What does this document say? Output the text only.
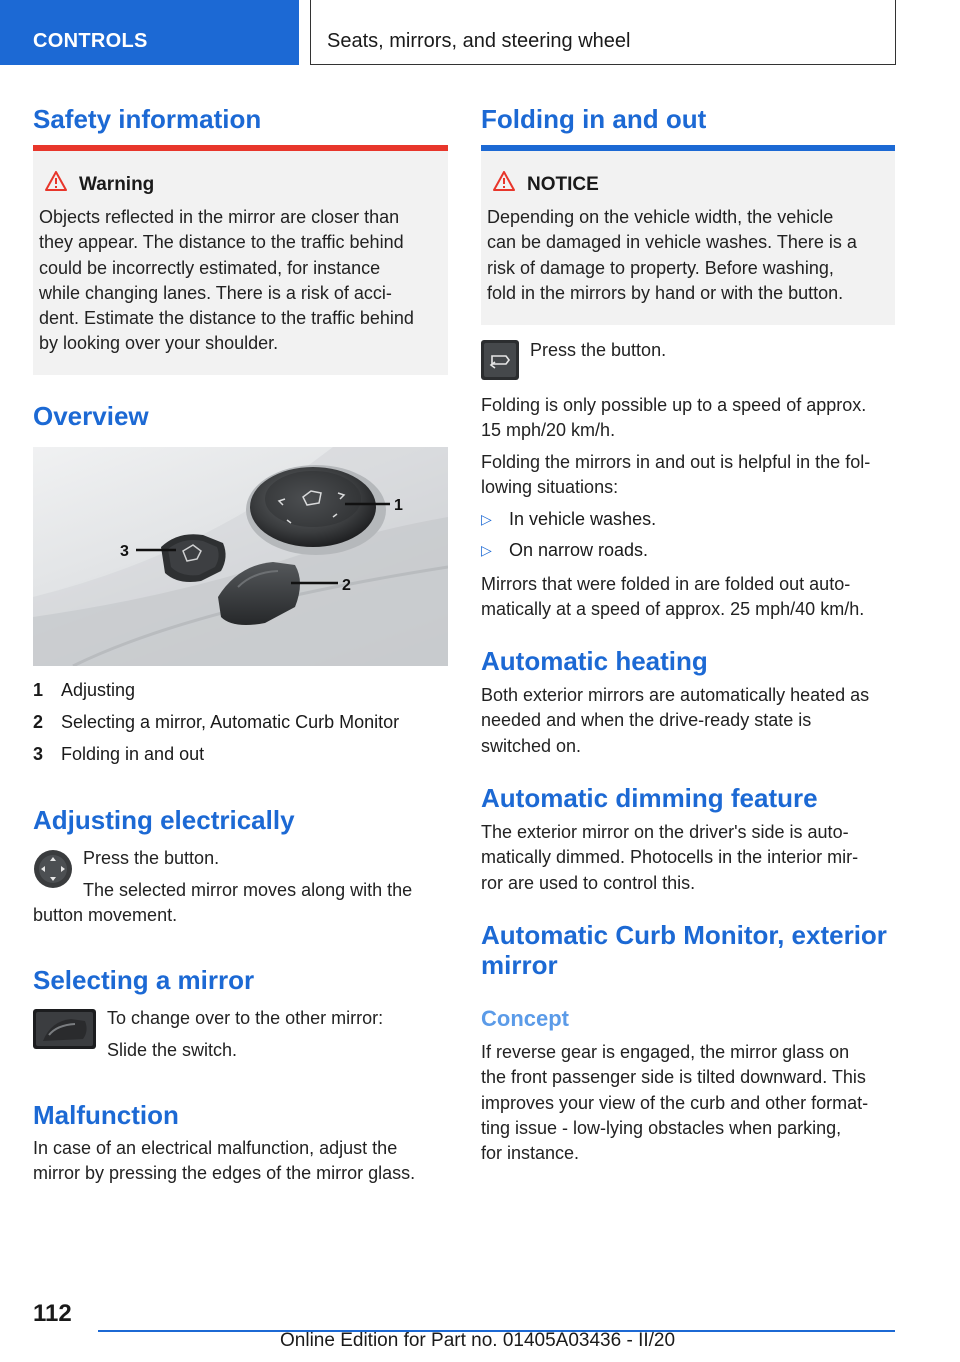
CONTROLS	Seats, mirrors, and steering wheel
Safety information
Warning
Objects reflected in the mirror are closer than
they appear. The distance to the traffic behind
could be incorrectly estimated, for instance
while changing lanes. There is a risk of acci-
dent. Estimate the distance to the traffic behind
by looking over your shoulder.
Overview
1
2
3
1 Adjusting
2 Selecting a mirror, Automatic Curb Monitor
3 Folding in and out
Adjusting electrically
Press the button.
The selected mirror moves along with the
button movement.
Selecting a mirror
To change over to the other mirror:
Slide the switch.
Malfunction
In case of an electrical malfunction, adjust the
mirror by pressing the edges of the mirror glass.
Folding in and out
NOTICE
Depending on the vehicle width, the vehicle
can be damaged in vehicle washes. There is a
risk of damage to property. Before washing,
fold in the mirrors by hand or with the button.
Press the button.
Folding is only possible up to a speed of approx.
15 mph/20 km/h.
Folding the mirrors in and out is helpful in the fol-
lowing situations:
▷ In vehicle washes.
▷ On narrow roads.
Mirrors that were folded in are folded out auto-
matically at a speed of approx. 25 mph/40 km/h.
Automatic heating
Both exterior mirrors are automatically heated as
needed and when the drive-ready state is
switched on.
Automatic dimming feature
The exterior mirror on the driver's side is auto-
matically dimmed. Photocells in the interior mir-
ror are used to control this.
Automatic Curb Monitor, exterior
mirror
Concept
If reverse gear is engaged, the mirror glass on
the front passenger side is tilted downward. This
improves your view of the curb and other format-
ting issue - low-lying obstacles when parking,
for instance.
112
Online Edition for Part no. 01405A03436 - II/20
